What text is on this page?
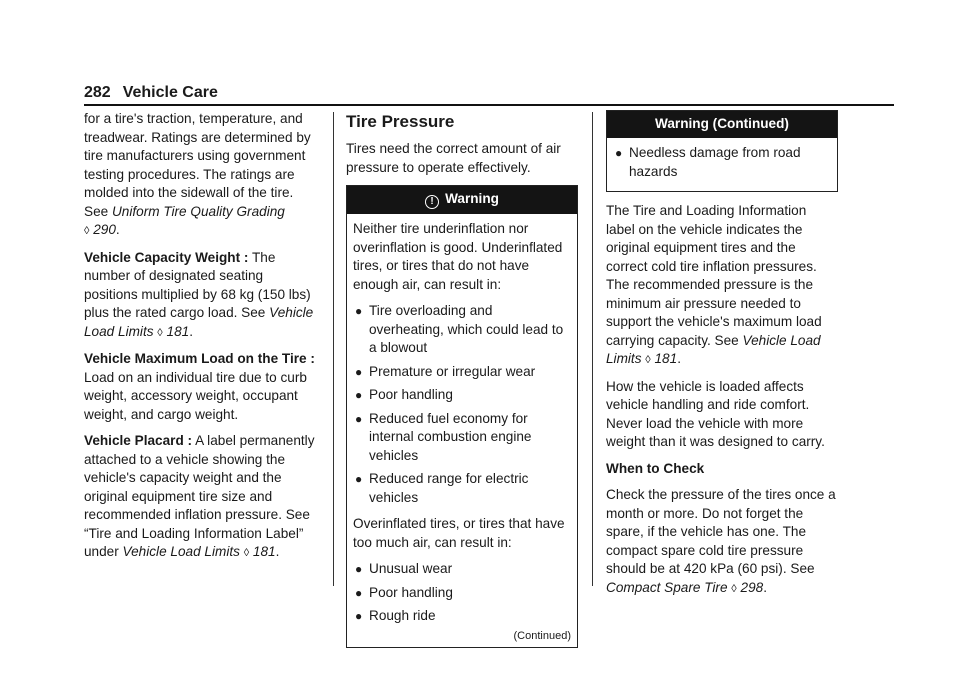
282 Vehicle Care

for a tire's traction, temperature, and treadwear. Ratings are determined by tire manufacturers using government testing procedures. The ratings are molded into the sidewall of the tire. See Uniform Tire Quality Grading
◊ 290.

Vehicle Capacity Weight : The number of designated seating positions multiplied by 68 kg (150 lbs) plus the rated cargo load. See Vehicle Load Limits ◊ 181.

Vehicle Maximum Load on the Tire : Load on an individual tire due to curb weight, accessory weight, occupant weight, and cargo weight.

Vehicle Placard : A label permanently attached to a vehicle showing the vehicle's capacity weight and the original equipment tire size and recommended inflation pressure. See “Tire and Loading Information Label” under Vehicle Load Limits ◊ 181.

Tire Pressure

Tires need the correct amount of air pressure to operate effectively.

! Warning

Neither tire underinflation nor overinflation is good. Underinflated tires, or tires that do not have enough air, can result in:

● Tire overloading and overheating, which could lead to a blowout
● Premature or irregular wear
● Poor handling
● Reduced fuel economy for internal combustion engine vehicles
● Reduced range for electric vehicles

Overinflated tires, or tires that have too much air, can result in:

● Unusual wear
● Poor handling
● Rough ride
(Continued)
Warning (Continued)
● Needless damage from road hazards

The Tire and Loading Information label on the vehicle indicates the original equipment tires and the correct cold tire inflation pressures. The recommended pressure is the minimum air pressure needed to support the vehicle's maximum load carrying capacity. See Vehicle Load Limits ◊ 181.

How the vehicle is loaded affects vehicle handling and ride comfort. Never load the vehicle with more weight than it was designed to carry.

When to Check

Check the pressure of the tires once a month or more. Do not forget the spare, if the vehicle has one. The compact spare cold tire pressure should be at 420 kPa (60 psi). See Compact Spare Tire ◊ 298.
